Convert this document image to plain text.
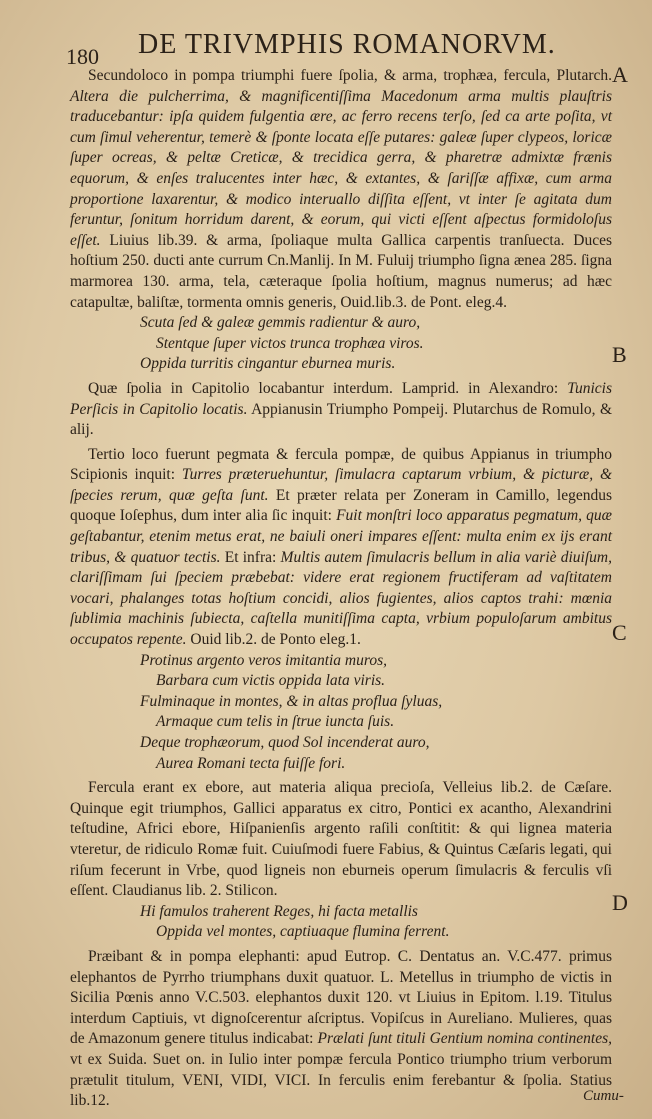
180 DE TRIVMPHIS ROMANORVM.
A
B
C
D

Secundoloco in pompa triumphi fuere ſpolia, & arma, trophæa, fercula, Plutarch. Altera die pulcherrima, & magnificentiſſima Macedonum arma multis plauſtris traducebantur: ipſa quidem fulgentia ære, ac ferro recens terſo, ſed ca arte poſita, vt cum ſimul veherentur, temerè & ſponte locata eſſe putares: galeæ ſuper clypeos, loricæ ſuper ocreas, & peltæ Creticæ, & trecidica gerra, & pharetræ admixtæ frænis equorum, & enſes tralucentes inter hæc, & extantes, & ſariſſæ affixæ, cum arma proportione laxarentur, & modico interuallo diſſita eſſent, vt inter ſe agitata dum feruntur, ſonitum horridum darent, & eorum, qui victi eſſent aſpectus formidoloſus eſſet. Liuius lib.39. & arma, ſpoliaque multa Gallica carpentis tranſuecta. Duces hoſtium 250. ducti ante currum Cn.Manlij. In M. Fuluij triumpho ſigna ænea 285. ſigna marmorea 130. arma, tela, cæteraque ſpolia hoſtium, magnus numerus; ad hæc catapultæ, baliſtæ, tormenta omnis generis, Ouid.lib.3. de Pont. eleg.4.

Scuta ſed & galeæ gemmis radientur & auro,
Stentque ſuper victos trunca trophæa viros.
Oppida turritis cingantur eburnea muris.

Quæ ſpolia in Capitolio locabantur interdum. Lamprid. in Alexandro: Tunicis Perſicis in Capitolio locatis. Appianusin Triumpho Pompeij. Plutarchus de Romulo, & alij.

Tertio loco fuerunt pegmata & fercula pompæ, de quibus Appianus in triumpho Scipionis inquit: Turres præteruehuntur, ſimulacra captarum vrbium, & picturæ, & ſpecies rerum, quæ geſta ſunt. Et præter relata per Zoneram in Camillo, legendus quoque Ioſephus, dum inter alia ſic inquit: Fuit monſtri loco apparatus pegmatum, quæ geſtabantur, etenim metus erat, ne baiuli oneri impares eſſent: multa enim ex ijs erant tribus, & quatuor tectis. Et infra: Multis autem ſimulacris bellum in alia variè diuiſum, clariſſimam ſui ſpeciem præbebat: videre erat regionem fructiferam ad vaſtitatem vocari, phalanges totas hoſtium concidi, alios fugientes, alios captos trahi: mœnia ſublimia machinis ſubiecta, caſtella munitiſſima capta, vrbium populoſarum ambitus occupatos repente. Ouid lib.2. de Ponto eleg.1.

Protinus argento veros imitantia muros,
Barbara cum victis oppida lata viris.
Fulminaque in montes, & in altas proflua ſyluas,
Armaque cum telis in ſtrue iuncta ſuis.
Deque trophæorum, quod Sol incenderat auro,
Aurea Romani tecta fuiſſe fori.

Fercula erant ex ebore, aut materia aliqua precioſa, Velleius lib.2. de Cæſare. Quinque egit triumphos, Gallici apparatus ex citro, Pontici ex acantho, Alexandrini teſtudine, Africi ebore, Hiſpanienſis argento raſili conſtitit: & qui lignea materia vteretur, de ridiculo Romæ fuit. Cuiuſmodi fuere Fabius, & Quintus Cæſaris legati, qui riſum fecerunt in Vrbe, quod ligneis non eburneis operum ſimulacris & ferculis vſi eſſent. Claudianus lib. 2. Stilicon.

Hi famulos traherent Reges, hi facta metallis
Oppida vel montes, captiuaque flumina ferrent.

Præibant & in pompa elephanti: apud Eutrop. C. Dentatus an. V.C.477. primus elephantos de Pyrrho triumphans duxit quatuor. L. Metellus in triumpho de victis in Sicilia Pœnis anno V.C.503. elephantos duxit 120. vt Liuius in Epitom. l.19. Titulus interdum Captiuis, vt dignoſcerentur aſcriptus. Vopiſcus in Aureliano. Mulieres, quas de Amazonum genere titulus indicabat: Prælati ſunt tituli Gentium nomina continentes, vt ex Suida. Suet on. in Iulio inter pompæ fercula Pontico triumpho trium verborum prætulit titulum, VENI, VIDI, VICI. In ferculis enim ferebantur & ſpolia. Statius lib.12.	Cumu-
